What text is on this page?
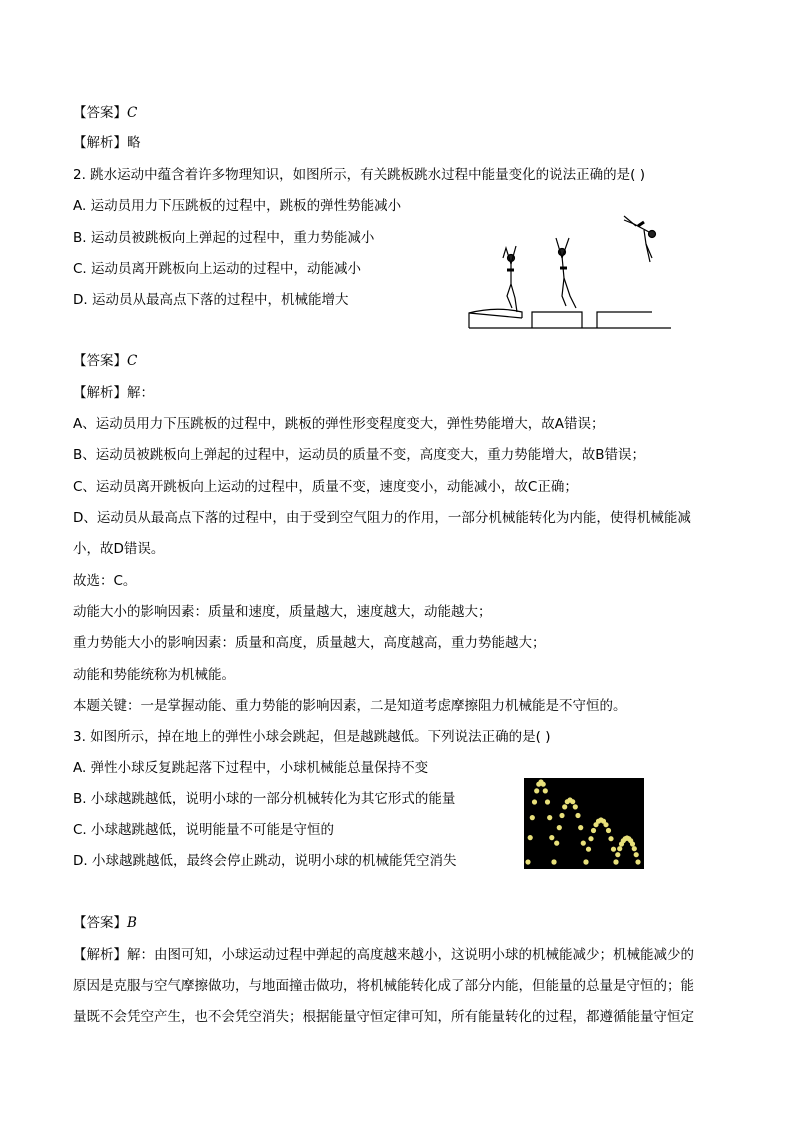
【答案】C
【解析】略
2. 跳水运动中蕴含着许多物理知识，如图所示，有关跳板跳水过程中能量变化的说法正确的是( )
A. 运动员用力下压跳板的过程中，跳板的弹性势能减小
B. 运动员被跳板向上弹起的过程中，重力势能减小
C. 运动员离开跳板向上运动的过程中，动能减小
D. 运动员从最高点下落的过程中，机械能增大
【答案】C
【解析】解：
A、运动员用力下压跳板的过程中，跳板的弹性形变程度变大，弹性势能增大，故A错误；
B、运动员被跳板向上弹起的过程中，运动员的质量不变，高度变大，重力势能增大，故B错误；
C、运动员离开跳板向上运动的过程中，质量不变，速度变小，动能减小，故C正确；
D、运动员从最高点下落的过程中，由于受到空气阻力的作用，一部分机械能转化为内能，使得机械能减
小，故D错误。
故选：C。
动能大小的影响因素：质量和速度，质量越大，速度越大，动能越大；
重力势能大小的影响因素：质量和高度，质量越大，高度越高，重力势能越大；
动能和势能统称为机械能。
本题关键：一是掌握动能、重力势能的影响因素，二是知道考虑摩擦阻力机械能是不守恒的。
3. 如图所示，掉在地上的弹性小球会跳起，但是越跳越低。下列说法正确的是( )
A. 弹性小球反复跳起落下过程中，小球机械能总量保持不变
B. 小球越跳越低，说明小球的一部分机械转化为其它形式的能量
C. 小球越跳越低，说明能量不可能是守恒的
D. 小球越跳越低，最终会停止跳动，说明小球的机械能凭空消失
【答案】B
【解析】解：由图可知，小球运动过程中弹起的高度越来越小，这说明小球的机械能减少；机械能减少的
原因是克服与空气摩擦做功，与地面撞击做功，将机械能转化成了部分内能，但能量的总量是守恒的；能
量既不会凭空产生，也不会凭空消失；根据能量守恒定律可知，所有能量转化的过程，都遵循能量守恒定
